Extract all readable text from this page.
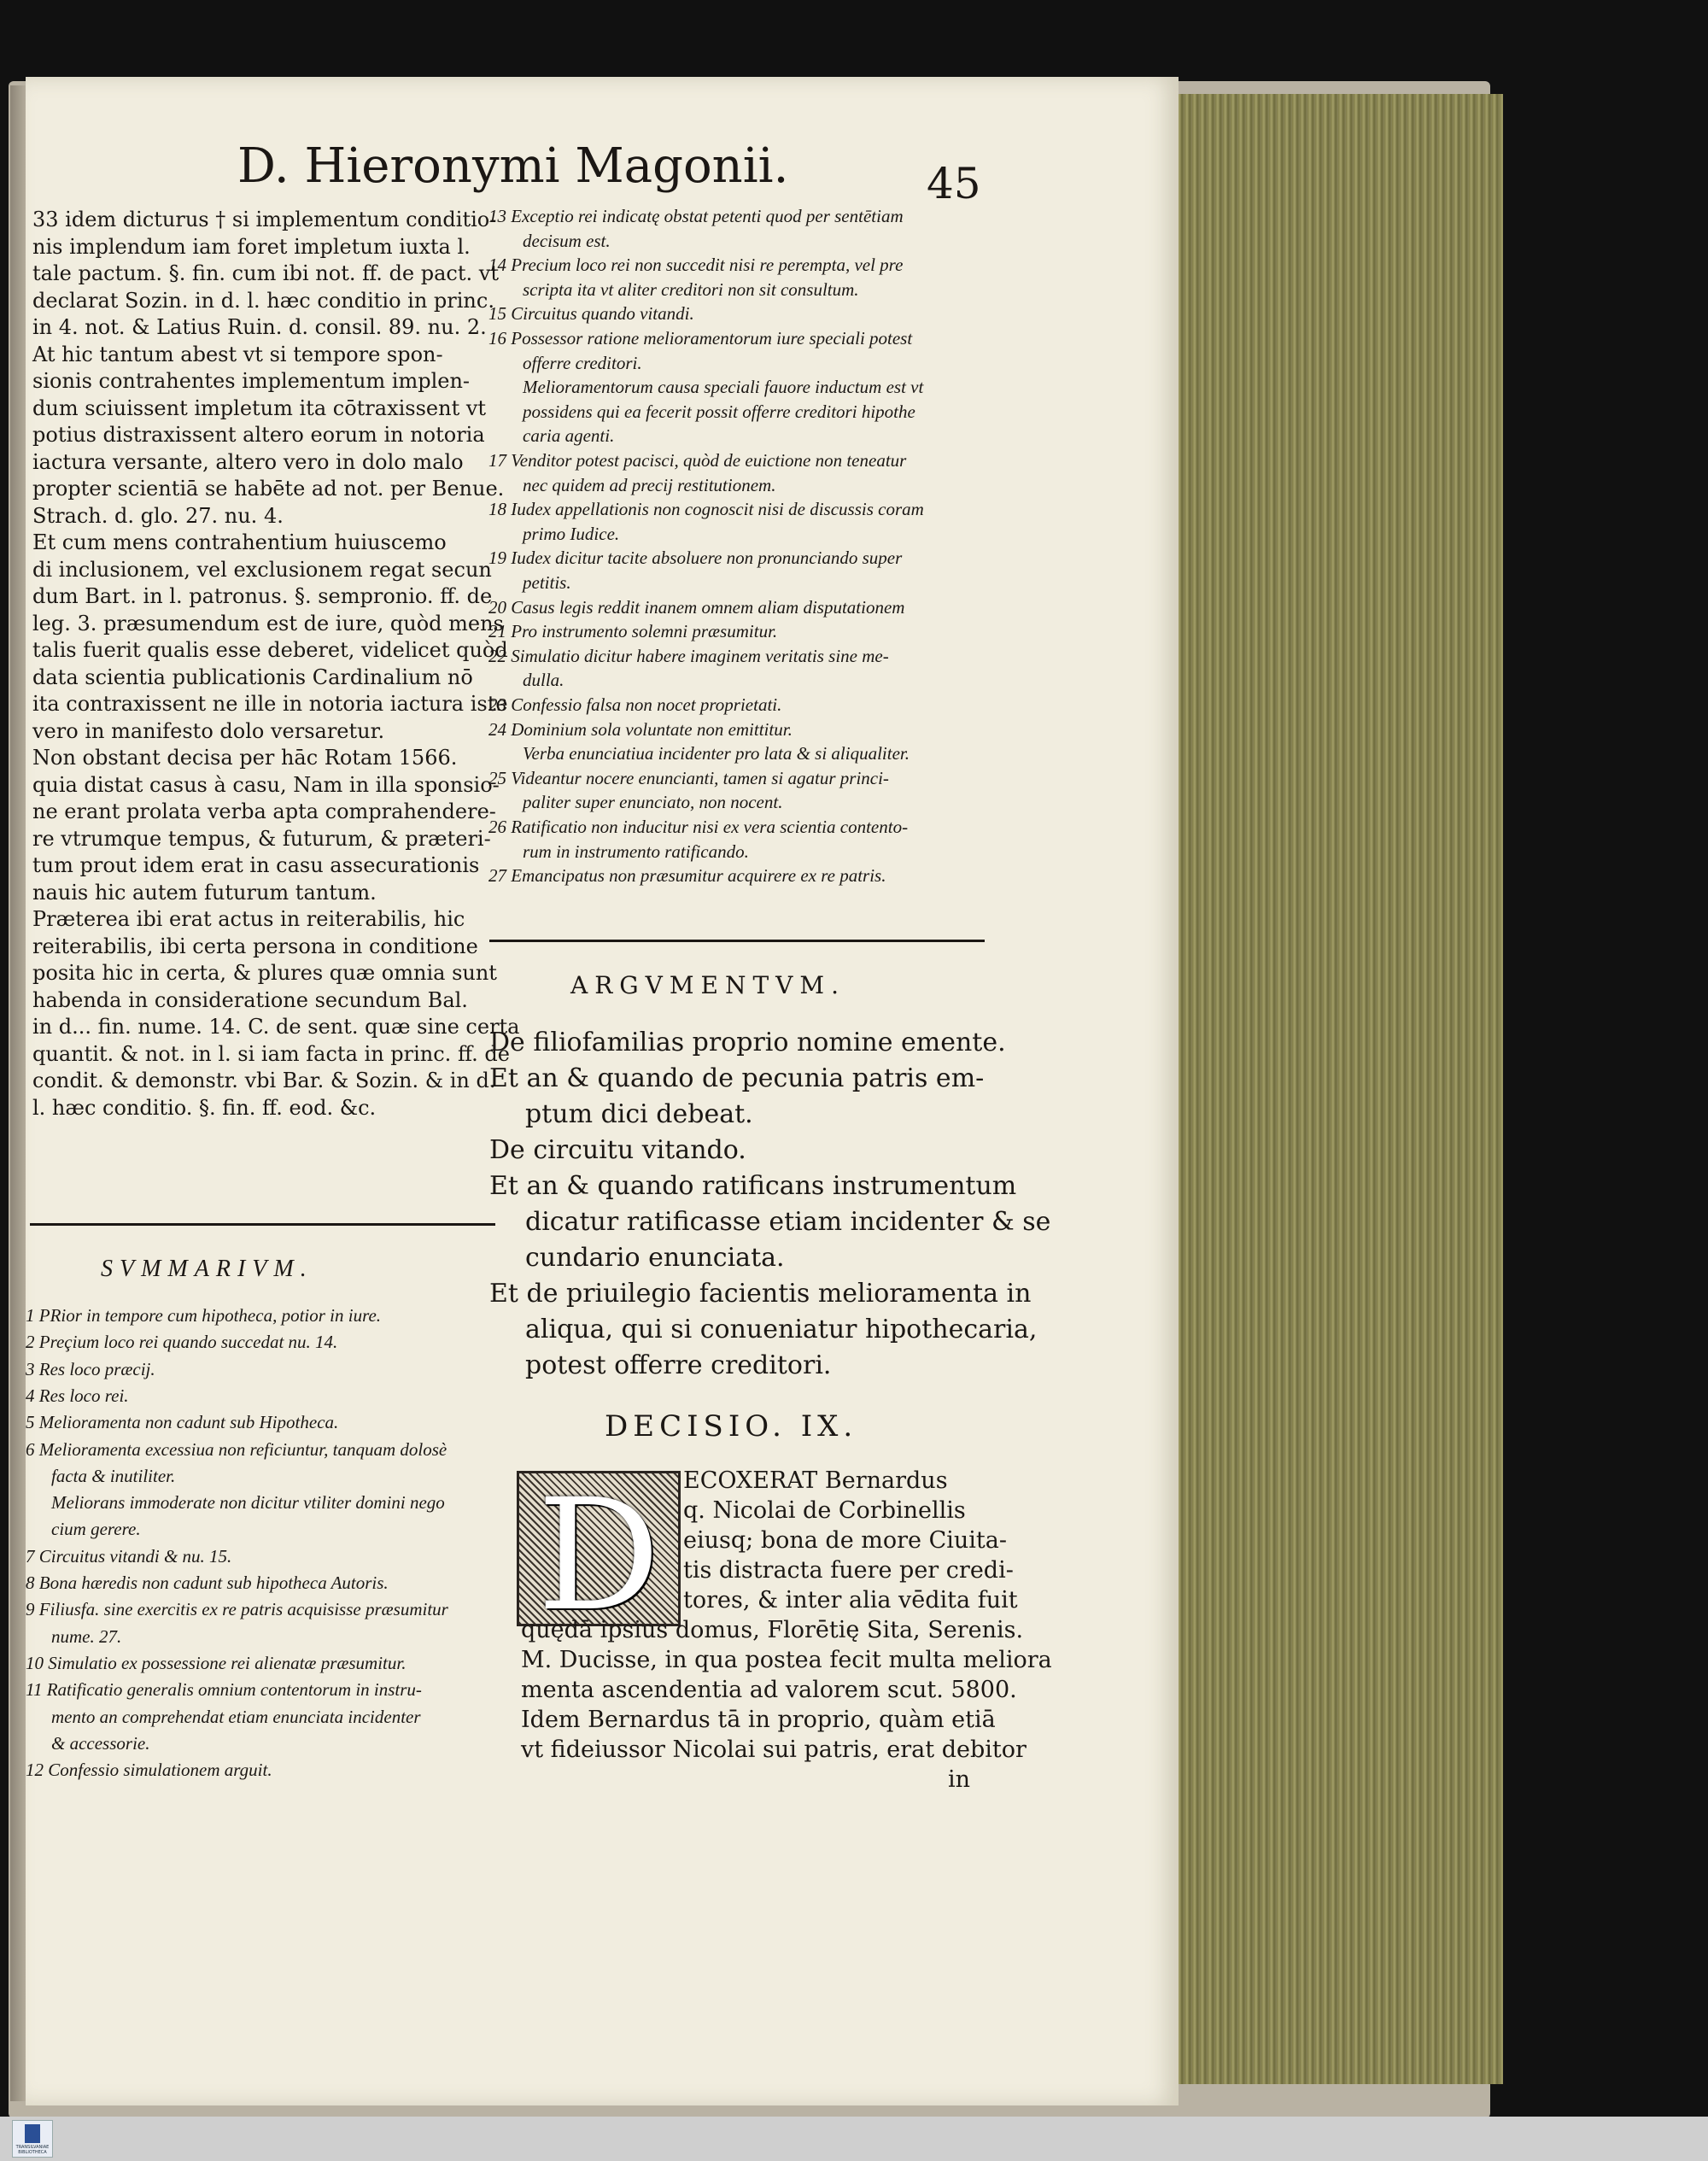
D. Hieronymi Magonii.	45
33 idem dicturus † si implementum conditio-
nis implendum iam foret impletum iuxta l.
tale pactum. §. fin. cum ibi not. ff. de pact. vt
declarat Sozin. in d. l. hæc conditio in princ.
in 4. not. & Latius Ruin. d. consil. 89. nu. 2.
At hic tantum abest vt si tempore spon-
sionis contrahentes implementum implen-
dum sciuissent impletum ita cōtraxissent vt
potius distraxissent altero eorum in notoria
iactura versante, altero vero in dolo malo
propter scientiā se habēte ad not. per Benue.
Strach. d. glo. 27. nu. 4.
Et cum mens contrahentium huiuscemo
di inclusionem, vel exclusionem regat secun
dum Bart. in l. patronus. §. sempronio. ff. de
leg. 3. præsumendum est de iure, quòd mens
talis fuerit qualis esse deberet, videlicet quòd
data scientia publicationis Cardinalium nō
ita contraxissent ne ille in notoria iactura iste
vero in manifesto dolo versaretur.
Non obstant decisa per hāc Rotam 1566.
quia distat casus à casu, Nam in illa sponsio-
ne erant prolata verba apta comprahendere-
re vtrumque tempus, & futurum, & præteri-
tum prout idem erat in casu assecurationis
nauis hic autem futurum tantum.
Præterea ibi erat actus in reiterabilis, hic
reiterabilis, ibi certa persona in conditione
posita hic in certa, & plures quæ omnia sunt
habenda in consideratione secundum Bal.
in d... fin. nume. 14. C. de sent. quæ sine certa
quantit. & not. in l. si iam facta in princ. ff. de
condit. & demonstr. vbi Bar. & Sozin. & in d.
l. hæc conditio. §. fin. ff. eod. &c.
SVMMARIVM.
1 PRior in tempore cum hipotheca, potior in iure.
2 Preçium loco rei quando succedat nu. 14.
3 Res loco præcij.
4 Res loco rei.
5 Melioramenta non cadunt sub Hipotheca.
6 Melioramenta excessiua non reficiuntur, tanquam dolosè
facta & inutiliter.
Meliorans immoderate non dicitur vtiliter domini nego
cium gerere.
7 Circuitus vitandi & nu. 15.
8 Bona hæredis non cadunt sub hipotheca Autoris.
9 Filiusfa. sine exercitis ex re patris acquisisse præsumitur
nume. 27.
10 Simulatio ex possessione rei alienatæ præsumitur.
11 Ratificatio generalis omnium contentorum in instru-
mento an comprehendat etiam enunciata incidenter
& accessorie.
12 Confessio simulationem arguit.
13 Exceptio rei indicatę obstat petenti quod per sentētiam
decisum est.
14 Precium loco rei non succedit nisi re perempta, vel pre
scripta ita vt aliter creditori non sit consultum.
15 Circuitus quando vitandi.
16 Possessor ratione melioramentorum iure speciali potest
offerre creditori.
Melioramentorum causa speciali fauore inductum est vt
possidens qui ea fecerit possit offerre creditori hipothe
caria agenti.
17 Venditor potest pacisci, quòd de euictione non teneatur
nec quidem ad precij restitutionem.
18 Iudex appellationis non cognoscit nisi de discussis coram
primo Iudice.
19 Iudex dicitur tacite absoluere non pronunciando super
petitis.
20 Casus legis reddit inanem omnem aliam disputationem
21 Pro instrumento solemni præsumitur.
22 Simulatio dicitur habere imaginem veritatis sine me-
dulla.
23 Confessio falsa non nocet proprietati.
24 Dominium sola voluntate non emittitur.
Verba enunciatiua incidenter pro lata & si aliqualiter.
25 Videantur nocere enuncianti, tamen si agatur princi-
paliter super enunciato, non nocent.
26 Ratificatio non inducitur nisi ex vera scientia contento-
rum in instrumento ratificando.
27 Emancipatus non præsumitur acquirere ex re patris.
ARGVMENTVM.
De filiofamilias proprio nomine emente.
Et an & quando de pecunia patris em-
ptum dici debeat.
De circuitu vitando.
Et an & quando ratificans instrumentum
dicatur ratificasse etiam incidenter & se
cundario enunciata.
Et de priuilegio facientis melioramenta in
aliqua, qui si conueniatur hipothecaria,
potest offerre creditori.
DECISIO. IX.
D ECOXERAT Bernardus
q. Nicolai de Corbinellis
eiusq; bona de more Ciuita-
tis distracta fuere per credi-
tores, & inter alia vēdita fuit
quędā ipsius domus, Florētię Sita, Serenis.
M. Ducisse, in qua postea fecit multa meliora
menta ascendentia ad valorem scut. 5800.
Idem Bernardus tā in proprio, quàm etiā
vt fideiussor Nicolai sui patris, erat debitor
in
TRANSILVANIAE BIBLIOTHECA
